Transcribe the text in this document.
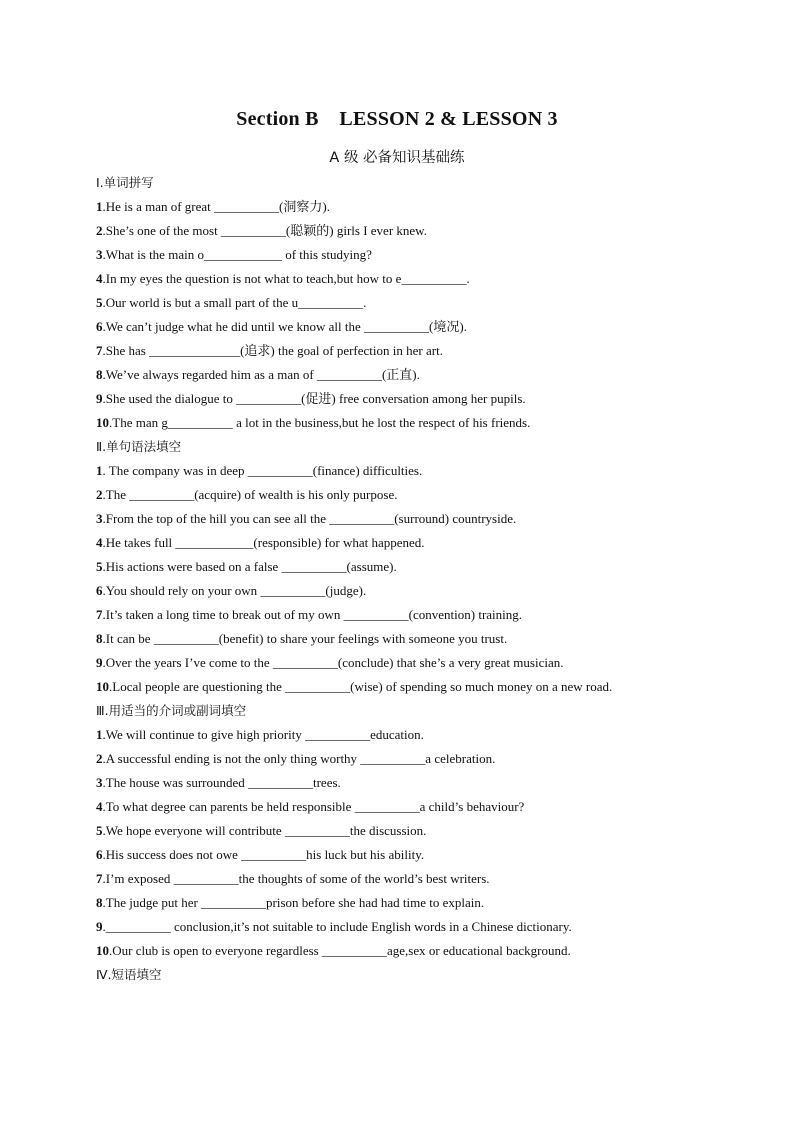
Section B    LESSON 2 & LESSON 3
A 级 必备知识基础练
Ⅰ.单词拼写
1.He is a man of great __________(洞察力).
2.She’s one of the most __________(聪颖的) girls I ever knew.
3.What is the main o____________ of this studying?
4.In my eyes the question is not what to teach,but how to e__________.
5.Our world is but a small part of the u__________.
6.We can’t judge what he did until we know all the __________(境况).
7.She has ______________(追求) the goal of perfection in her art.
8.We’ve always regarded him as a man of __________(正直).
9.She used the dialogue to __________(促进) free conversation among her pupils.
10.The man g__________ a lot in the business,but he lost the respect of his friends.
Ⅱ.单句语法填空
1. The company was in deep __________(finance) difficulties.
2.The __________(acquire) of wealth is his only purpose.
3.From the top of the hill you can see all the __________(surround) countryside.
4.He takes full ____________(responsible) for what happened.
5.His actions were based on a false __________(assume).
6.You should rely on your own __________(judge).
7.It’s taken a long time to break out of my own __________(convention) training.
8.It can be __________(benefit) to share your feelings with someone you trust.
9.Over the years I’ve come to the __________(conclude) that she’s a very great musician.
10.Local people are questioning the __________(wise) of spending so much money on a new road.
Ⅲ.用适当的介词或副词填空
1.We will continue to give high priority __________education.
2.A successful ending is not the only thing worthy __________a celebration.
3.The house was surrounded __________trees.
4.To what degree can parents be held responsible __________a child’s behaviour?
5.We hope everyone will contribute __________the discussion.
6.His success does not owe __________his luck but his ability.
7.I’m exposed __________the thoughts of some of the world’s best writers.
8.The judge put her __________prison before she had had time to explain.
9.__________ conclusion,it’s not suitable to include English words in a Chinese dictionary.
10.Our club is open to everyone regardless __________age,sex or educational background.
Ⅳ.短语填空
